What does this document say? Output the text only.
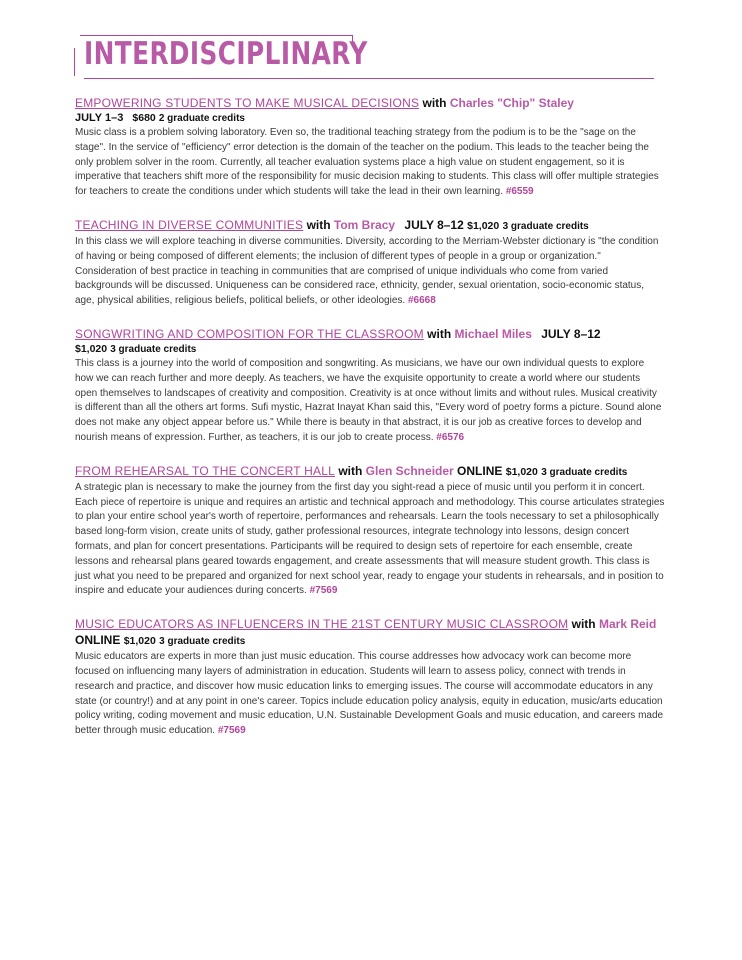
INTERDISCIPLINARY

EMPOWERING STUDENTS TO MAKE MUSICAL DECISIONS with Charles "Chip" Staley

JULY 1–3 $680 2 graduate credits

Music class is a problem solving laboratory. Even so, the traditional teaching strategy from the podium is to be the "sage on the stage". In the service of "efficiency" error detection is the domain of the teacher on the podium. This leads to the teacher being the only problem solver in the room. Currently, all teacher evaluation systems place a high value on student engagement, so it is imperative that teachers shift more of the responsibility for music decision making to students. This class will offer multiple strategies for teachers to create the conditions under which students will take the lead in their own learning. #6559

TEACHING IN DIVERSE COMMUNITIES with Tom Bracy JULY 8–12 $1,020 3 graduate credits

In this class we will explore teaching in diverse communities. Diversity, according to the Merriam-Webster dictionary is "the condition of having or being composed of different elements; the inclusion of different types of people in a group or organization." Consideration of best practice in teaching in communities that are comprised of unique individuals who come from varied backgrounds will be discussed. Uniqueness can be considered race, ethnicity, gender, sexual orientation, socio-economic status, age, physical abilities, religious beliefs, political beliefs, or other ideologies. #6668

SONGWRITING AND COMPOSITION FOR THE CLASSROOM with Michael Miles JULY 8–12

$1,020 3 graduate credits

This class is a journey into the world of composition and songwriting. As musicians, we have our own individual quests to explore how we can reach further and more deeply. As teachers, we have the exquisite opportunity to create a world where our students open themselves to landscapes of creativity and composition. Creativity is at once without limits and without rules. Musical creativity is different than all the others art forms. Sufi mystic, Hazrat Inayat Khan said this, "Every word of poetry forms a picture. Sound alone does not make any object appear before us." While there is beauty in that abstract, it is our job as creative forces to develop and nourish means of expression. Further, as teachers, it is our job to create process. #6576

FROM REHEARSAL TO THE CONCERT HALL with Glen Schneider ONLINE $1,020 3 graduate credits

A strategic plan is necessary to make the journey from the first day you sight-read a piece of music until you perform it in concert. Each piece of repertoire is unique and requires an artistic and technical approach and methodology. This course articulates strategies to plan your entire school year's worth of repertoire, performances and rehearsals. Learn the tools necessary to set a philosophically based long-form vision, create units of study, gather professional resources, integrate technology into lessons, design concert formats, and plan for concert presentations. Participants will be required to design sets of repertoire for each ensemble, create lessons and rehearsal plans geared towards engagement, and create assessments that will measure student growth. This class is just what you need to be prepared and organized for next school year, ready to engage your students in rehearsals, and in position to inspire and educate your audiences during concerts. #7569

MUSIC EDUCATORS AS INFLUENCERS IN THE 21ST CENTURY MUSIC CLASSROOM with Mark Reid ONLINE $1,020 3 graduate credits

Music educators are experts in more than just music education. This course addresses how advocacy work can become more focused on influencing many layers of administration in education. Students will learn to assess policy, connect with trends in research and practice, and discover how music education links to emerging issues. The course will accommodate educators in any state (or country!) and at any point in one's career. Topics include education policy analysis, equity in education, music/arts education policy writing, coding movement and music education, U.N. Sustainable Development Goals and music education, and careers made better through music education. #7569
